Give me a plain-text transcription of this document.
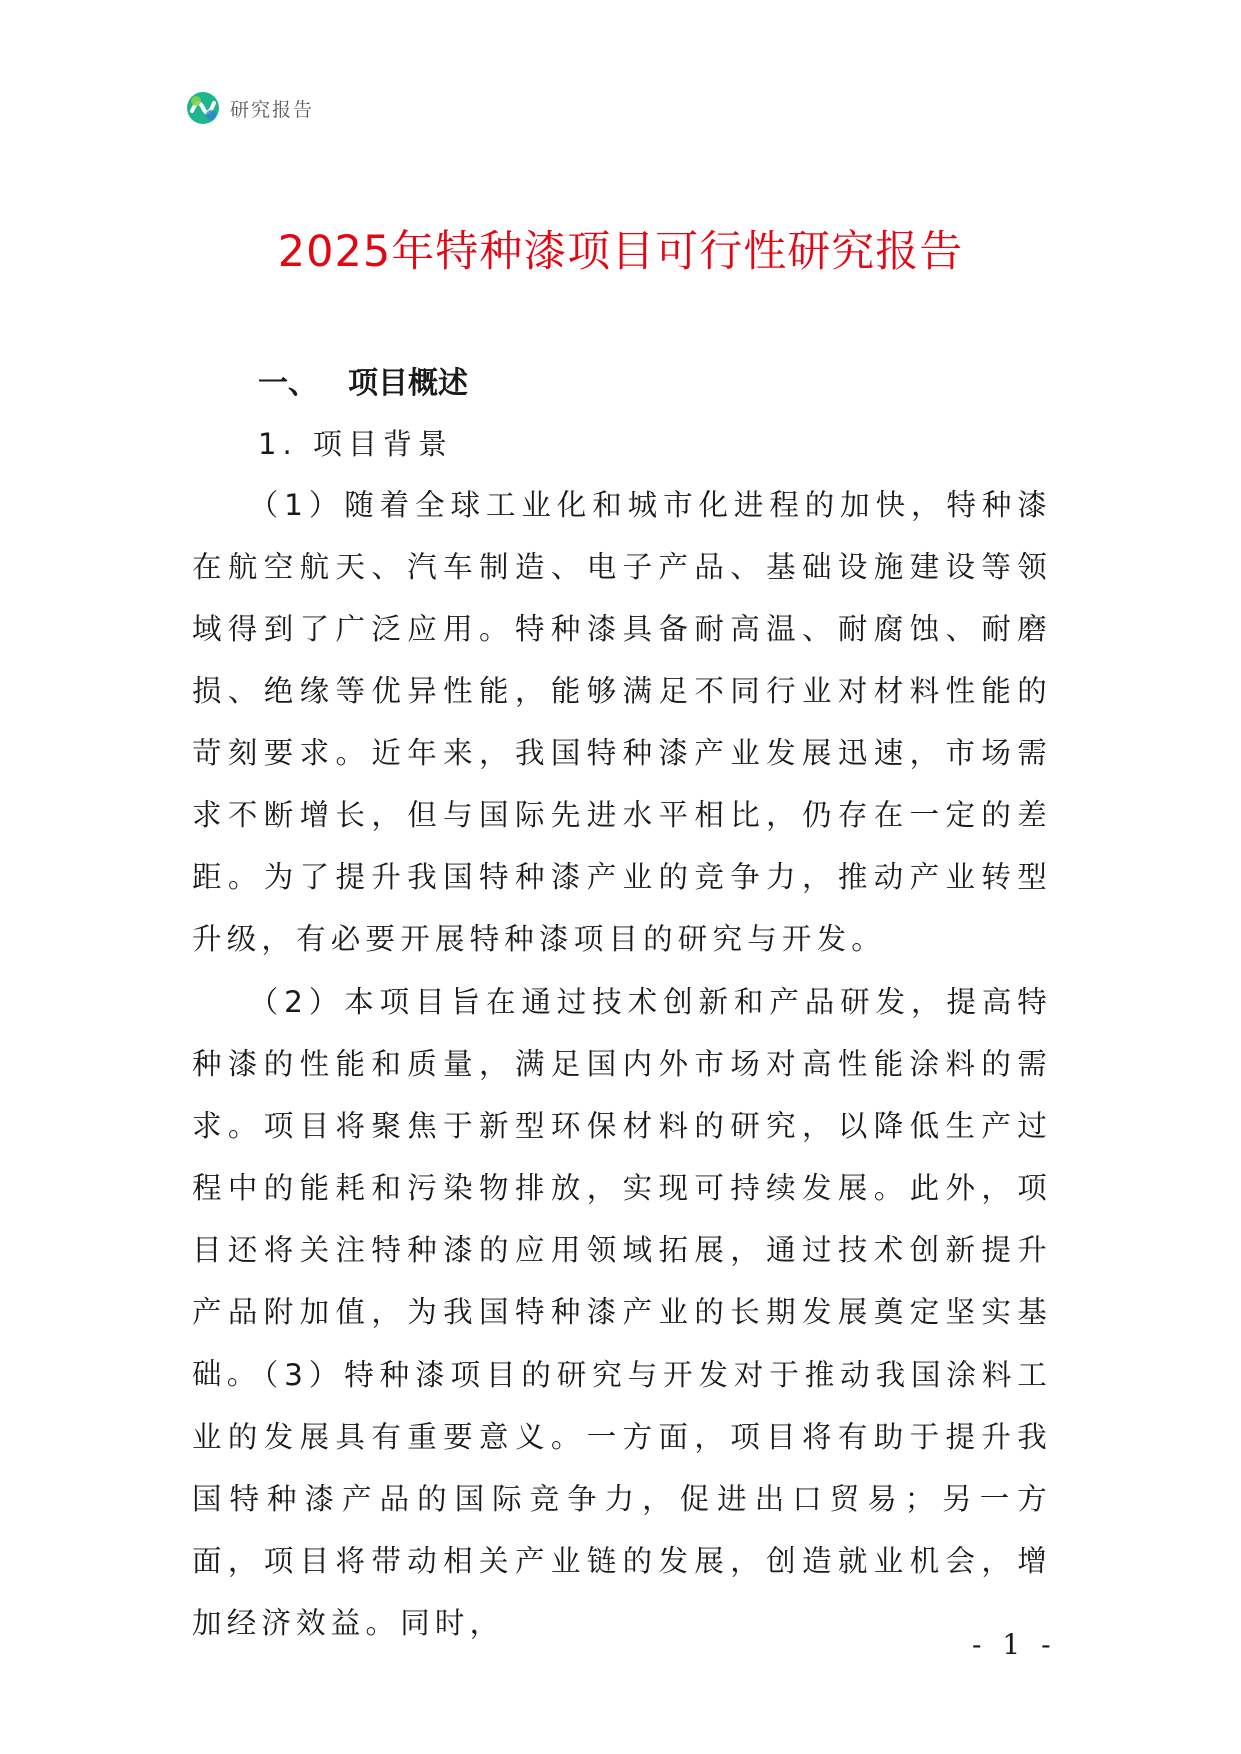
研究报告
2025年特种漆项目可行性研究报告
一、 项目概述
1. 项目背景

（1）随着全球工业化和城市化进程的加快，特种漆在航空航天、汽车制造、电子产品、基础设施建设等领域得到了广泛应用。特种漆具备耐高温、耐腐蚀、耐磨损、绝缘等优异性能，能够满足不同行业对材料性能的苛刻要求。近年来，我国特种漆产业发展迅速，市场需求不断增长，但与国际先进水平相比，仍存在一定的差距。为了提升我国特种漆产业的竞争力，推动产业转型升级，有必要开展特种漆项目的研究与开发。

（2）本项目旨在通过技术创新和产品研发，提高特种漆的性能和质量，满足国内外市场对高性能涂料的需求。项目将聚焦于新型环保材料的研究，以降低生产过程中的能耗和污染物排放，实现可持续发展。此外，项目还将关注特种漆的应用领域拓展，通过技术创新提升产品附加值，为我国特种漆产业的长期发展奠定坚实基础。

（3）特种漆项目的研究与开发对于推动我国涂料工业的发展具有重要意义。一方面，项目将有助于提升我国特种漆产品的国际竞争力，促进出口贸易；另一方面，项目将带动相关产业链的发展，创造就业机会，增加经济效益。同时，

- 1 -
